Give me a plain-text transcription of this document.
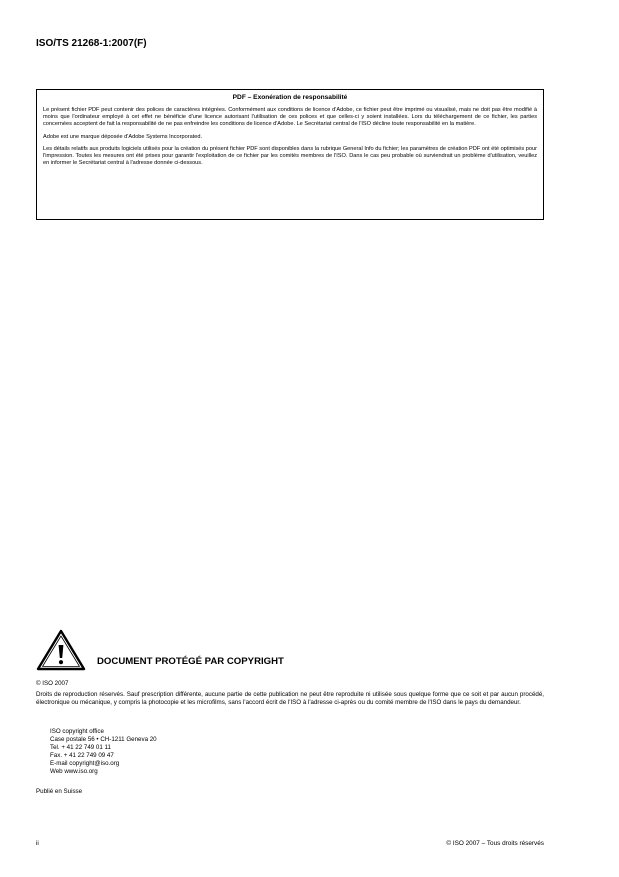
ISO/TS 21268-1:2007(F)
PDF – Exonération de responsabilité

Le présent fichier PDF peut contenir des polices de caractères intégrées. Conformément aux conditions de licence d'Adobe, ce fichier peut être imprimé ou visualisé, mais ne doit pas être modifié à moins que l'ordinateur employé à cet effet ne bénéficie d'une licence autorisant l'utilisation de ces polices et que celles-ci y soient installées. Lors du téléchargement de ce fichier, les parties concernées acceptent de fait la responsabilité de ne pas enfreindre les conditions de licence d'Adobe. Le Secrétariat central de l'ISO décline toute responsabilité en la matière.

Adobe est une marque déposée d'Adobe Systems Incorporated.

Les détails relatifs aux produits logiciels utilisés pour la création du présent fichier PDF sont disponibles dans la rubrique General Info du fichier; les paramètres de création PDF ont été optimisés pour l'impression. Toutes les mesures ont été prises pour garantir l'exploitation de ce fichier par les comités membres de l'ISO. Dans le cas peu probable où surviendrait un problème d'utilisation, veuillez en informer le Secrétariat central à l'adresse donnée ci-dessous.

DOCUMENT PROTÉGÉ PAR COPYRIGHT
© ISO 2007
Droits de reproduction réservés. Sauf prescription différente, aucune partie de cette publication ne peut être reproduite ni utilisée sous quelque forme que ce soit et par aucun procédé, électronique ou mécanique, y compris la photocopie et les microfilms, sans l'accord écrit de l'ISO à l'adresse ci-après ou du comité membre de l'ISO dans le pays du demandeur.
ISO copyright office
Case postale 56 • CH-1211 Geneva 20
Tel. + 41 22 749 01 11
Fax. + 41 22 749 09 47
E-mail copyright@iso.org
Web www.iso.org
Publié en Suisse
ii	© ISO 2007 – Tous droits réservés
